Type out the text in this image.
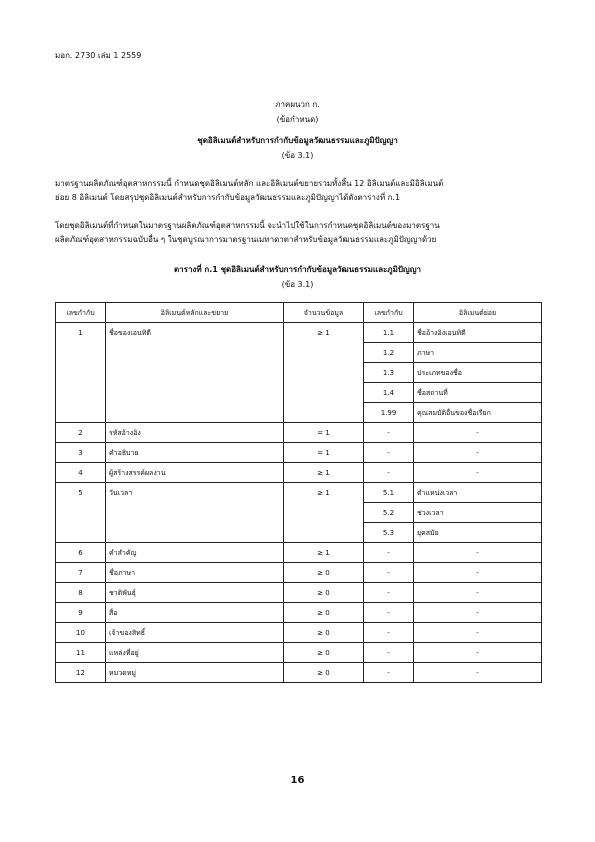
มอก. 2730 เล่ม 1 2559
ภาคผนวก ก.
(ข้อกำหนด)
ชุดอิลิเมนต์สำหรับการกำกับข้อมูลวัฒนธรรมและภูมิปัญญา
(ข้อ 3.1)
มาตรฐานผลิตภัณฑ์อุตสาหกรรมนี้ กำหนดชุดอิลิเมนต์หลัก และอิลิเมนต์ขยายรวมทั้งสิ้น 12 อิลิเมนต์และมีอิลิเมนต์
ย่อย 8 อิลิเมนต์ โดยสรุปชุดอิลิเมนต์สำหรับการกำกับข้อมูลวัฒนธรรมและภูมิปัญญาได้ดังตารางที่ ก.1
โดยชุดอิลิเมนต์ที่กำหนดในมาตรฐานผลิตภัณฑ์อุตสาหกรรมนี้ จะนำไปใช้ในการกำหนดชุดอิลิเมนต์ของมาตรฐาน
ผลิตภัณฑ์อุตสาหกรรมฉบับอื่น ๆ ในชุดบูรณาการมาตรฐานเมทาดาตาสำหรับข้อมูลวัฒนธรรมและภูมิปัญญาด้วย
ตารางที่ ก.1 ชุดอิลิเมนต์สำหรับการกำกับข้อมูลวัฒนธรรมและภูมิปัญญา
(ข้อ 3.1)
เลขกำกับ	อิลิเมนต์หลักและขยาย	จำนวนข้อมูล	เลขกำกับ	อิลิเมนต์ย่อย
1	ชื่อของเอนทิตี	≥ 1	1.1	ชื่ออ้างอิงเอนทิตี
			1.2	ภาษา
			1.3	ประเภทของชื่อ
			1.4	ชื่อสถานที่
			1.99	คุณสมบัติอื่นของชื่อเรียก
2	รหัสอ้างอิง	= 1	-	-
3	คำอธิบาย	= 1	-	-
4	ผู้สร้างสรรค์ผลงาน	≥ 1	-	-
5	วันเวลา	≥ 1	5.1	ตำแหน่งเวลา
			5.2	ช่วงเวลา
			5.3	ยุคสมัย
6	คำสำคัญ	≥ 1	-	-
7	ชื่อภาษา	≥ 0	-	-
8	ชาติพันธุ์	≥ 0	-	-
9	สื่อ	≥ 0	-	-
10	เจ้าของสิทธิ์	≥ 0	-	-
11	แหล่งที่อยู่	≥ 0	-	-
12	หมวดหมู่	≥ 0	-	-
16
